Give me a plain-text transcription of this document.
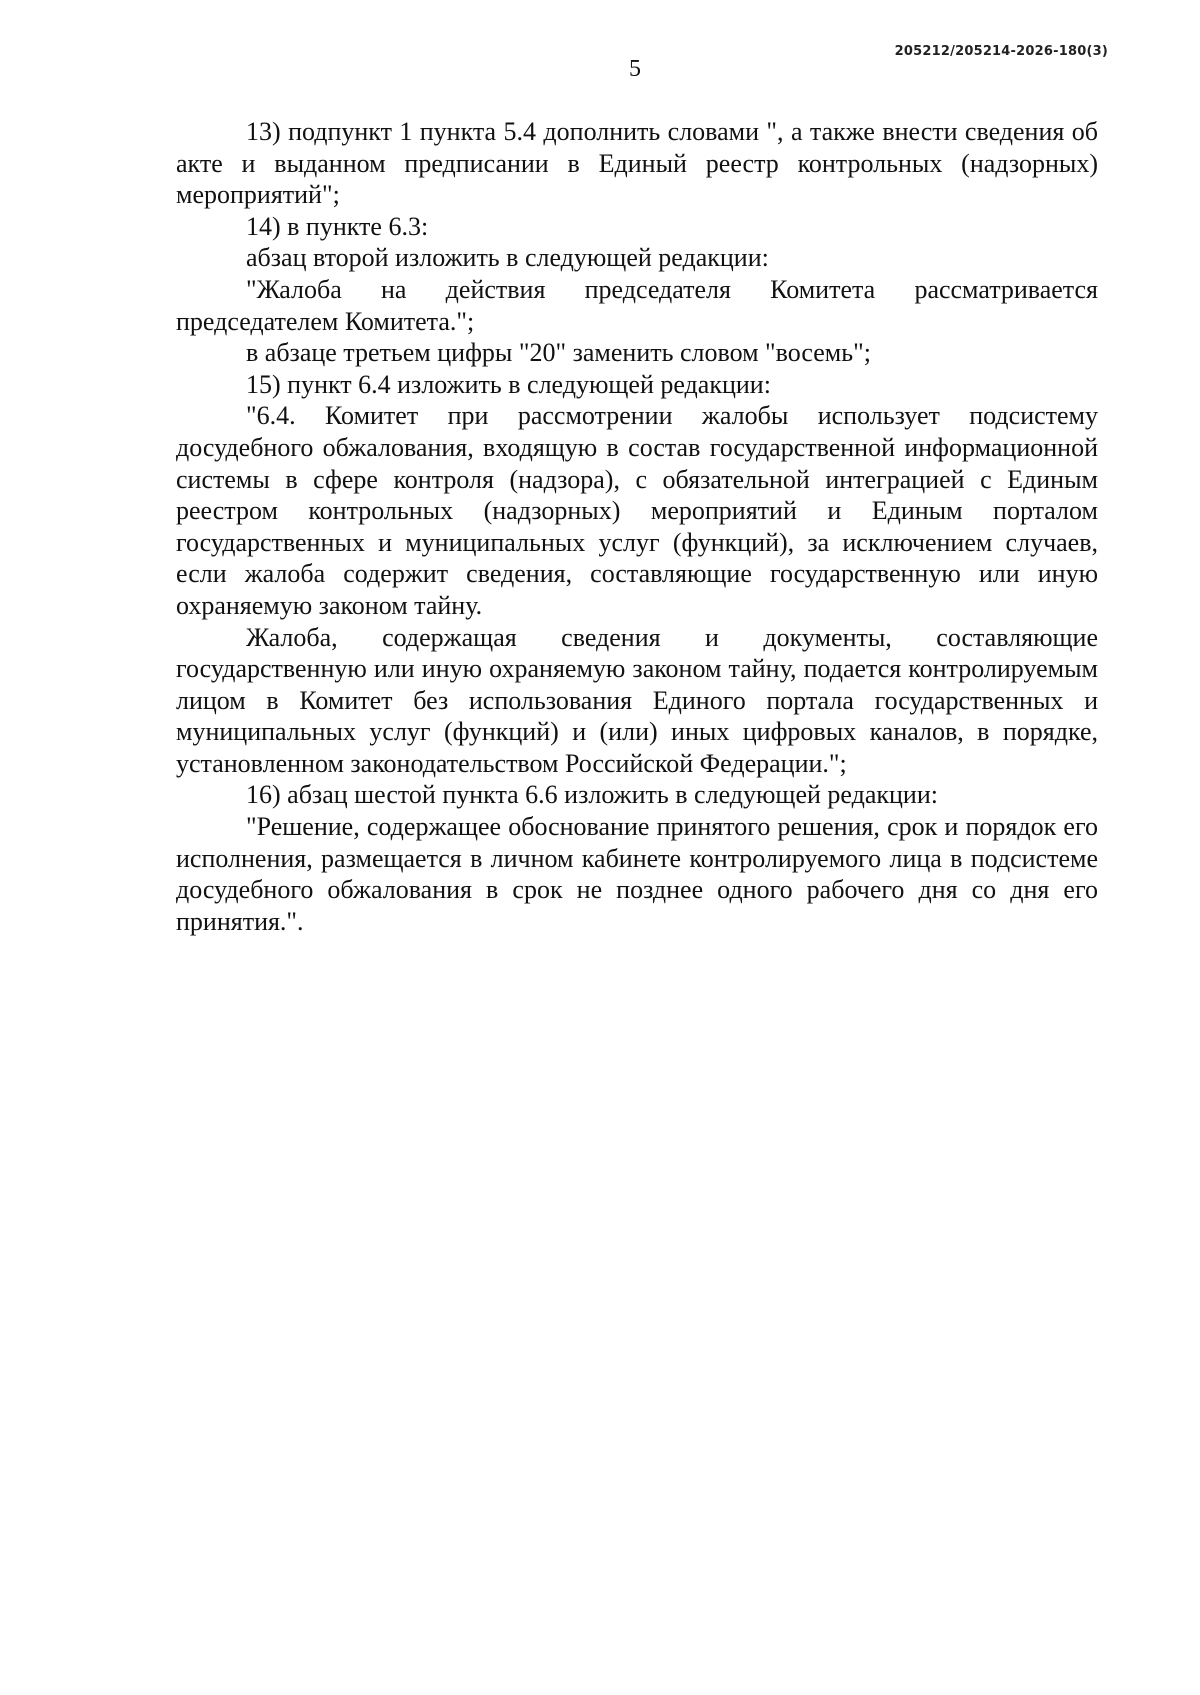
205212/205214-2026-180(3)
5

13) подпункт 1 пункта 5.4 дополнить словами ", а также внести сведения об акте и выданном предписании в Единый реестр контрольных (надзорных) мероприятий";

14) в пункте 6.3:

абзац второй изложить в следующей редакции:

"Жалоба на действия председателя Комитета рассматривается председателем Комитета.";

в абзаце третьем цифры "20" заменить словом "восемь";

15) пункт 6.4 изложить в следующей редакции:

"6.4. Комитет при рассмотрении жалобы использует подсистему досудебного обжалования, входящую в состав государственной информационной системы в сфере контроля (надзора), с обязательной интеграцией с Единым реестром контрольных (надзорных) мероприятий и Единым порталом государственных и муниципальных услуг (функций), за исключением случаев, если жалоба содержит сведения, составляющие государственную или иную охраняемую законом тайну.

Жалоба, содержащая сведения и документы, составляющие государственную или иную охраняемую законом тайну, подается контролируемым лицом в Комитет без использования Единого портала государственных и муниципальных услуг (функций) и (или) иных цифровых каналов, в порядке, установленном законодательством Российской Федерации.";

16) абзац шестой пункта 6.6 изложить в следующей редакции:

"Решение, содержащее обоснование принятого решения, срок и порядок его исполнения, размещается в личном кабинете контролируемого лица в подсистеме досудебного обжалования в срок не позднее одного рабочего дня со дня его принятия.".
